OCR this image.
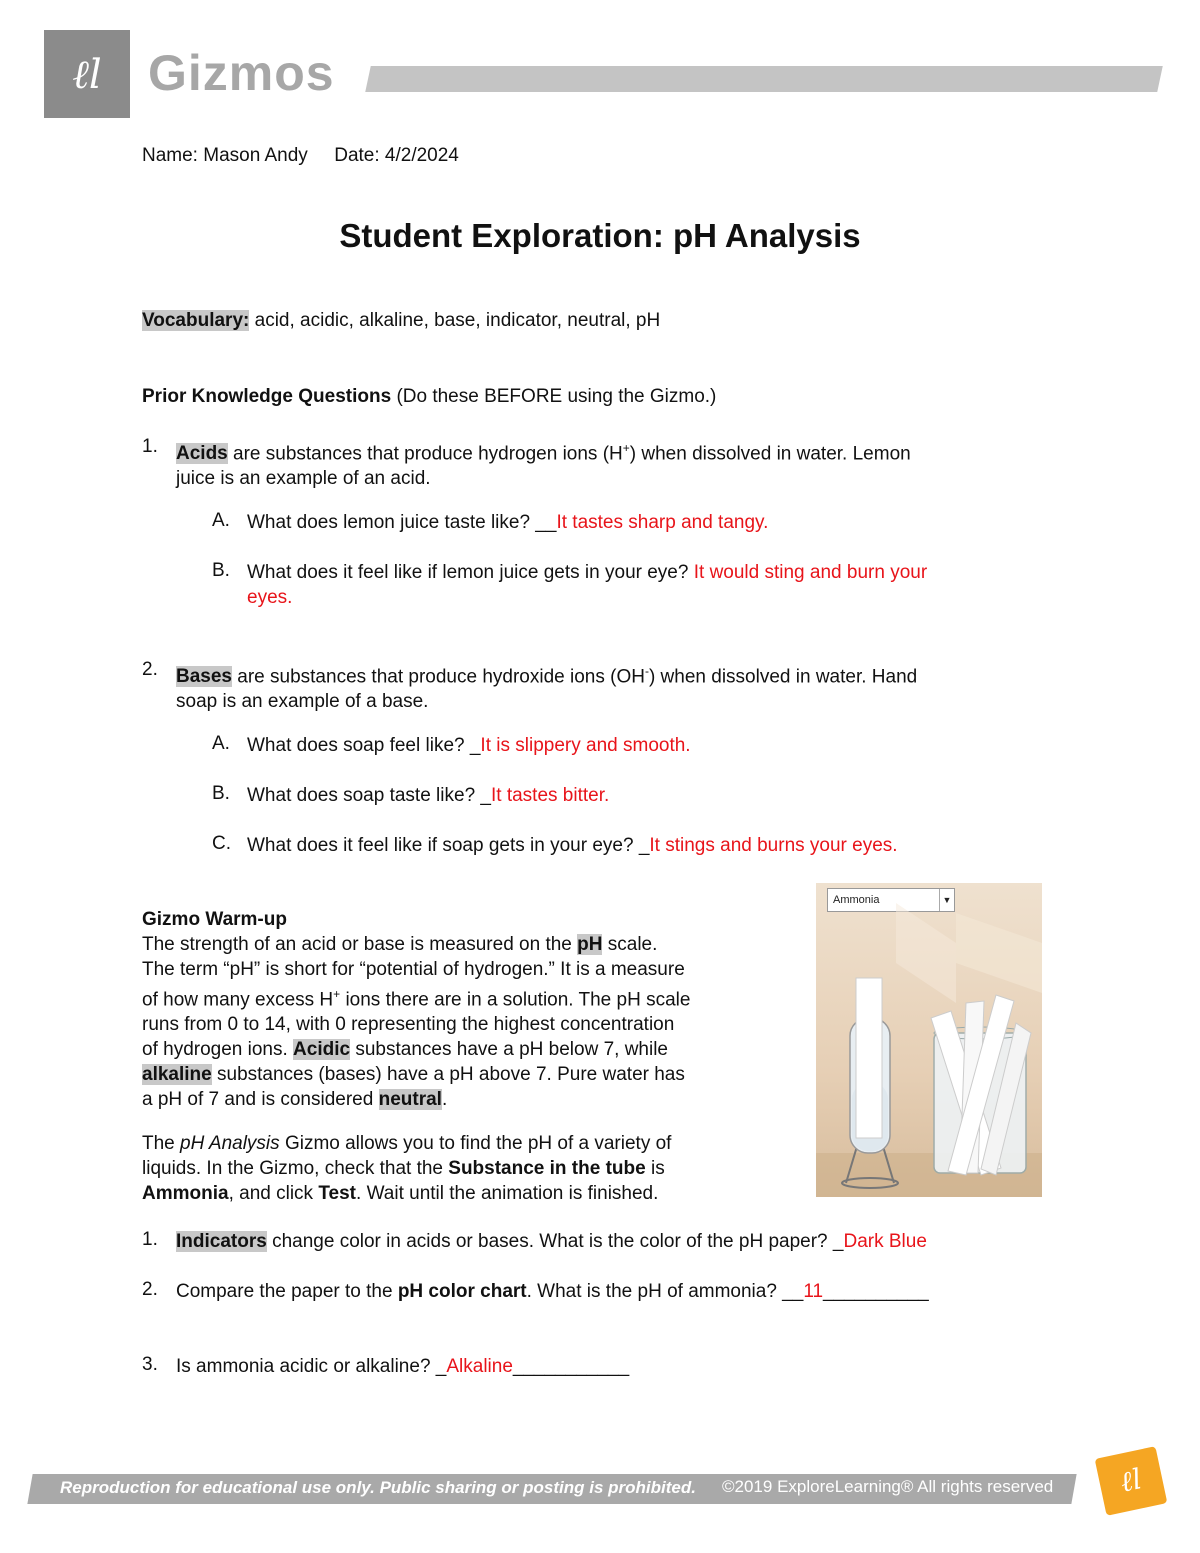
ℓl Gizmos
Name: Mason Andy Date: 4/2/2024
Student Exploration: pH Analysis
Vocabulary: acid, acidic, alkaline, base, indicator, neutral, pH
Prior Knowledge Questions (Do these BEFORE using the Gizmo.)
1. Acids are substances that produce hydrogen ions (H+) when dissolved in water. Lemon
juice is an example of an acid.
A. What does lemon juice taste like? __It tastes sharp and tangy.
B. What does it feel like if lemon juice gets in your eye? It would sting and burn your
eyes.
2. Bases are substances that produce hydroxide ions (OH-) when dissolved in water. Hand
soap is an example of a base.
A. What does soap feel like? _It is slippery and smooth.
B. What does soap taste like? _It tastes bitter.
C. What does it feel like if soap gets in your eye? _It stings and burns your eyes.
Gizmo Warm-up
The strength of an acid or base is measured on the pH scale.
The term “pH” is short for “potential of hydrogen.” It is a measure
of how many excess H+ ions there are in a solution. The pH scale
runs from 0 to 14, with 0 representing the highest concentration
of hydrogen ions. Acidic substances have a pH below 7, while
alkaline substances (bases) have a pH above 7. Pure water has
a pH of 7 and is considered neutral.
The pH Analysis Gizmo allows you to find the pH of a variety of
liquids. In the Gizmo, check that the Substance in the tube is
Ammonia, and click Test. Wait until the animation is finished.
Ammonia	▼
1. Indicators change color in acids or bases. What is the color of the pH paper? _Dark Blue
2. Compare the paper to the pH color chart. What is the pH of ammonia? __11__________
3. Is ammonia acidic or alkaline? _Alkaline___________
Reproduction for educational use only. Public sharing or posting is prohibited. ©2019 ExploreLearning® All rights reserved ℓl
